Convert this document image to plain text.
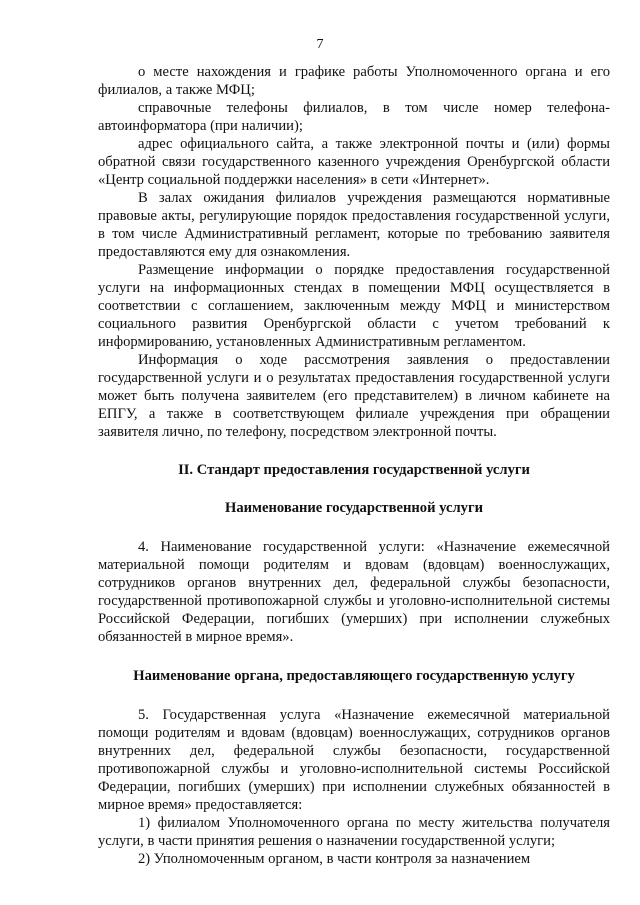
7

о месте нахождения и графике работы Уполномоченного органа и его филиалов, а также МФЦ;

справочные телефоны филиалов, в том числе номер телефона-автоинформатора (при наличии);

адрес официального сайта, а также электронной почты и (или) формы обратной связи государственного казенного учреждения Оренбургской области «Центр социальной поддержки населения» в сети «Интернет».

В залах ожидания филиалов учреждения размещаются нормативные правовые акты, регулирующие порядок предоставления государственной услуги, в том числе Административный регламент, которые по требованию заявителя предоставляются ему для ознакомления.

Размещение информации о порядке предоставления государственной услуги на информационных стендах в помещении МФЦ осуществляется в соответствии с соглашением, заключенным между МФЦ и министерством социального развития Оренбургской области с учетом требований к информированию, установленных Административным регламентом.

Информация о ходе рассмотрения заявления о предоставлении государственной услуги и о результатах предоставления государственной услуги может быть получена заявителем (его представителем) в личном кабинете на ЕПГУ, а также в соответствующем филиале учреждения при обращении заявителя лично, по телефону, посредством электронной почты.

II. Стандарт предоставления государственной услуги
Наименование государственной услуги

4. Наименование государственной услуги: «Назначение ежемесячной материальной помощи родителям и вдовам (вдовцам) военнослужащих, сотрудников органов внутренних дел, федеральной службы безопасности, государственной противопожарной службы и уголовно-исполнительной системы Российской Федерации, погибших (умерших) при исполнении служебных обязанностей в мирное время».

Наименование органа, предоставляющего государственную услугу

5. Государственная услуга «Назначение ежемесячной материальной помощи родителям и вдовам (вдовцам) военнослужащих, сотрудников органов внутренних дел, федеральной службы безопасности, государственной противопожарной службы и уголовно-исполнительной системы Российской Федерации, погибших (умерших) при исполнении служебных обязанностей в мирное время» предоставляется:

1) филиалом Уполномоченного органа по месту жительства получателя услуги, в части принятия решения о назначении государственной услуги;

2) Уполномоченным органом, в части контроля за назначением
